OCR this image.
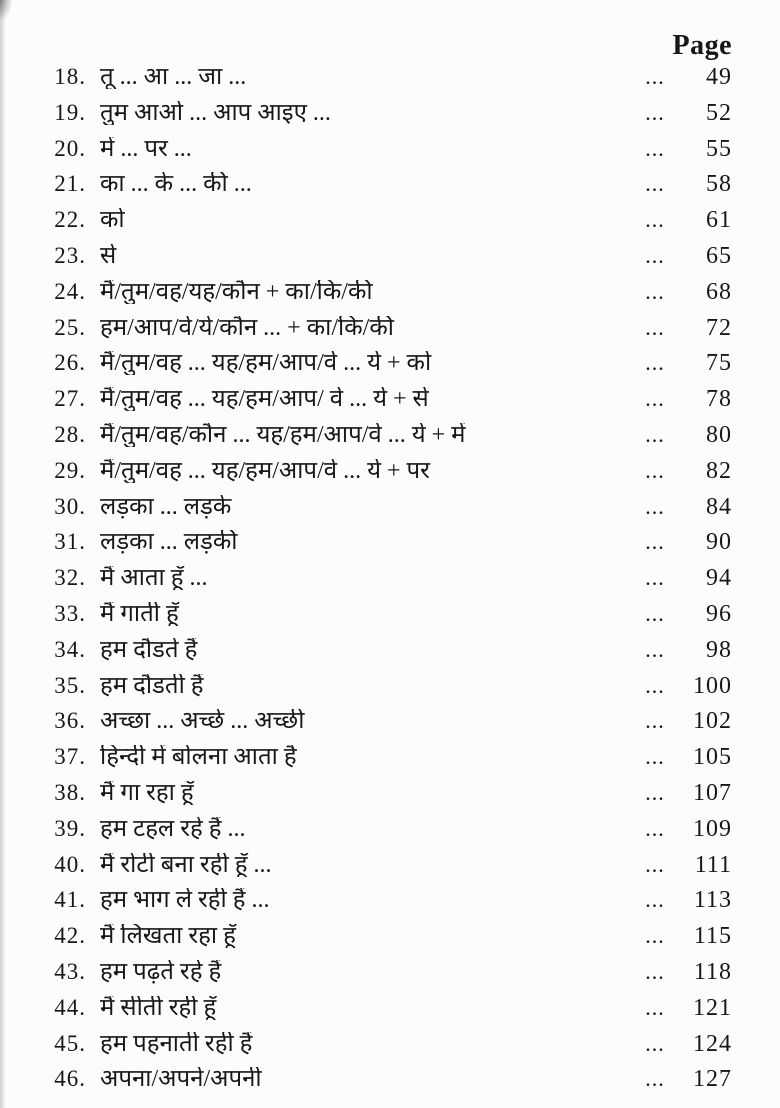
Page
18. तू ... आ ... जा ...	...	49
19. तुम आओ ... आप आइए ...	...	52
20. में ... पर ...	...	55
21. का ... के ... की ...	...	58
22. को	...	61
23. से	...	65
24. मैं/तुम/वह/यह/कौन + का/कि/की	...	68
25. हम/आप/वे/ये/कौन ... + का/कि/की	...	72
26. मैं/तुम/वह ... यह/हम/आप/वे ... ये + को	...	75
27. मैं/तुम/वह ... यह/हम/आप/ वे ... ये + से	...	78
28. मैं/तुम/वह/कौन ... यह/हम/आप/वे ... ये + में	...	80
29. मैं/तुम/वह ... यह/हम/आप/वे ... ये + पर	...	82
30. लड़का ... लड़के	...	84
31. लड़का ... लड़की	...	90
32. मैं आता हूँ ...	...	94
33. मैं गाती हूँ	...	96
34. हम दौडते हैं	...	98
35. हम दौडती हैं	...	100
36. अच्छा ... अच्छे ... अच्छी	...	102
37. हिन्दी में बोलना आता है	...	105
38. मैं गा रहा हूँ	...	107
39. हम टहल रहे हैं ...	...	109
40. मैं रोटी बना रही हूँ ...	...	111
41. हम भाग ले रही हैं ...	...	113
42. मैं लिखता रहा हूँ	...	115
43. हम पढ़ते रहे हैं	...	118
44. मैं सीती रही हूँ	...	121
45. हम पहनाती रही हैं	...	124
46. अपना/अपने/अपनी	...	127
